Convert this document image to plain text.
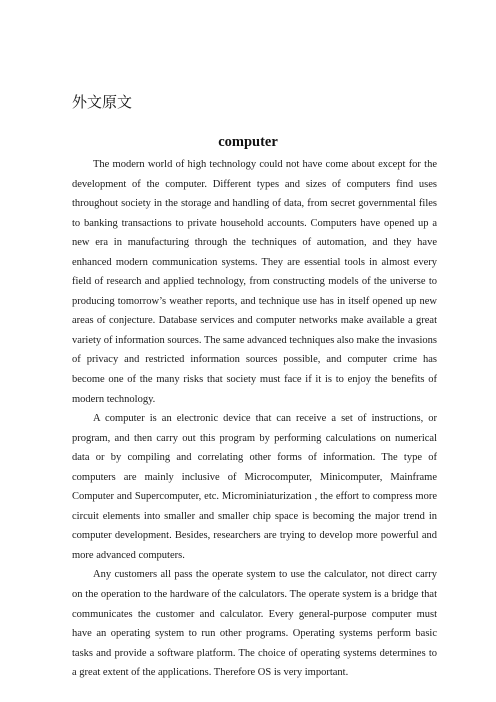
外文原文
computer

The modern world of high technology could not have come about except for the development of the computer. Different types and sizes of computers find uses throughout society in the storage and handling of data, from secret governmental files to banking transactions to private household accounts. Computers have opened up a new era in manufacturing through the techniques of automation, and they have enhanced modern communication systems. They are essential tools in almost every field of research and applied technology, from constructing models of the universe to producing tomorrow’s weather reports, and technique use has in itself opened up new areas of conjecture. Database services and computer networks make available a great variety of information sources. The same advanced techniques also make the invasions of privacy and restricted information sources possible, and computer crime has become one of the many risks that society must face if it is to enjoy the benefits of modern technology.

A computer is an electronic device that can receive a set of instructions, or program, and then carry out this program by performing calculations on numerical data or by compiling and correlating other forms of information. The type of computers are mainly inclusive of Microcomputer, Minicomputer, Mainframe Computer and Supercomputer, etc. Microminiaturization , the effort to compress more circuit elements into smaller and smaller chip space is becoming the major trend in computer development. Besides, researchers are trying to develop more powerful and more advanced computers.

Any customers all pass the operate system to use the calculator, not direct carry on the operation to the hardware of the calculators. The operate system is a bridge that communicates the customer and calculator. Every general-purpose computer must have an operating system to run other programs. Operating systems perform basic tasks and provide a software platform. The choice of operating systems determines to a great extent of the applications. Therefore OS is very important.
